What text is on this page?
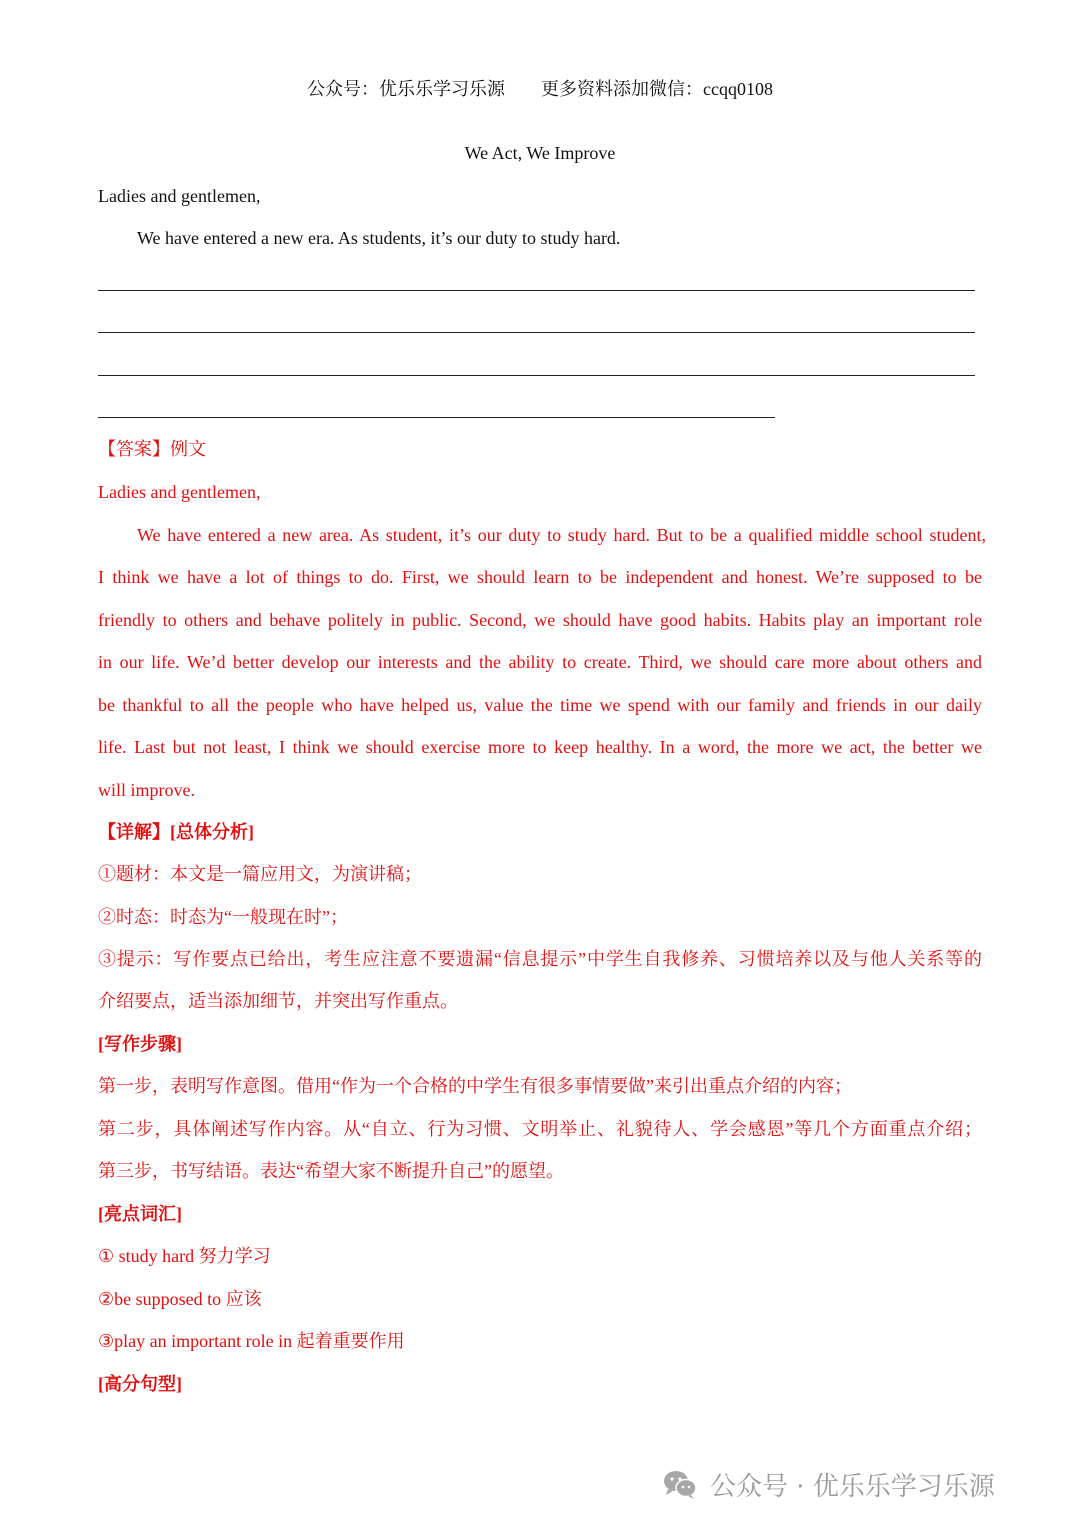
公众号：优乐乐学习乐源　　更多资料添加微信：ccqq0108
We Act, We Improve
Ladies and gentlemen,
We have entered a new era. As students, it’s our duty to study hard.
【答案】例文
Ladies and gentlemen,
We have entered a new area. As student, it’s our duty to study hard. But to be a qualified middle school student,
I think we have a lot of things to do. First, we should learn to be independent and honest. We’re supposed to be
friendly to others and behave politely in public. Second, we should have good habits. Habits play an important role
in our life. We’d better develop our interests and the ability to create. Third, we should care more about others and
be thankful to all the people who have helped us, value the time we spend with our family and friends in our daily
life. Last but not least, I think we should exercise more to keep healthy. In a word, the more we act, the better we
will improve.
【详解】[总体分析]
①题材：本文是一篇应用文，为演讲稿；
②时态：时态为“一般现在时”；
③提示：写作要点已给出，考生应注意不要遗漏“信息提示”中学生自我修养、习惯培养以及与他人关系等的
介绍要点，适当添加细节，并突出写作重点。
[写作步骤]
第一步，表明写作意图。借用“作为一个合格的中学生有很多事情要做”来引出重点介绍的内容；
第二步，具体阐述写作内容。从“自立、行为习惯、文明举止、礼貌待人、学会感恩”等几个方面重点介绍；
第三步，书写结语。表达“希望大家不断提升自己”的愿望。
[亮点词汇]
① study hard 努力学习
②be supposed to 应该
③play an important role in 起着重要作用
[高分句型]
公众号 · 优乐乐学习乐源
